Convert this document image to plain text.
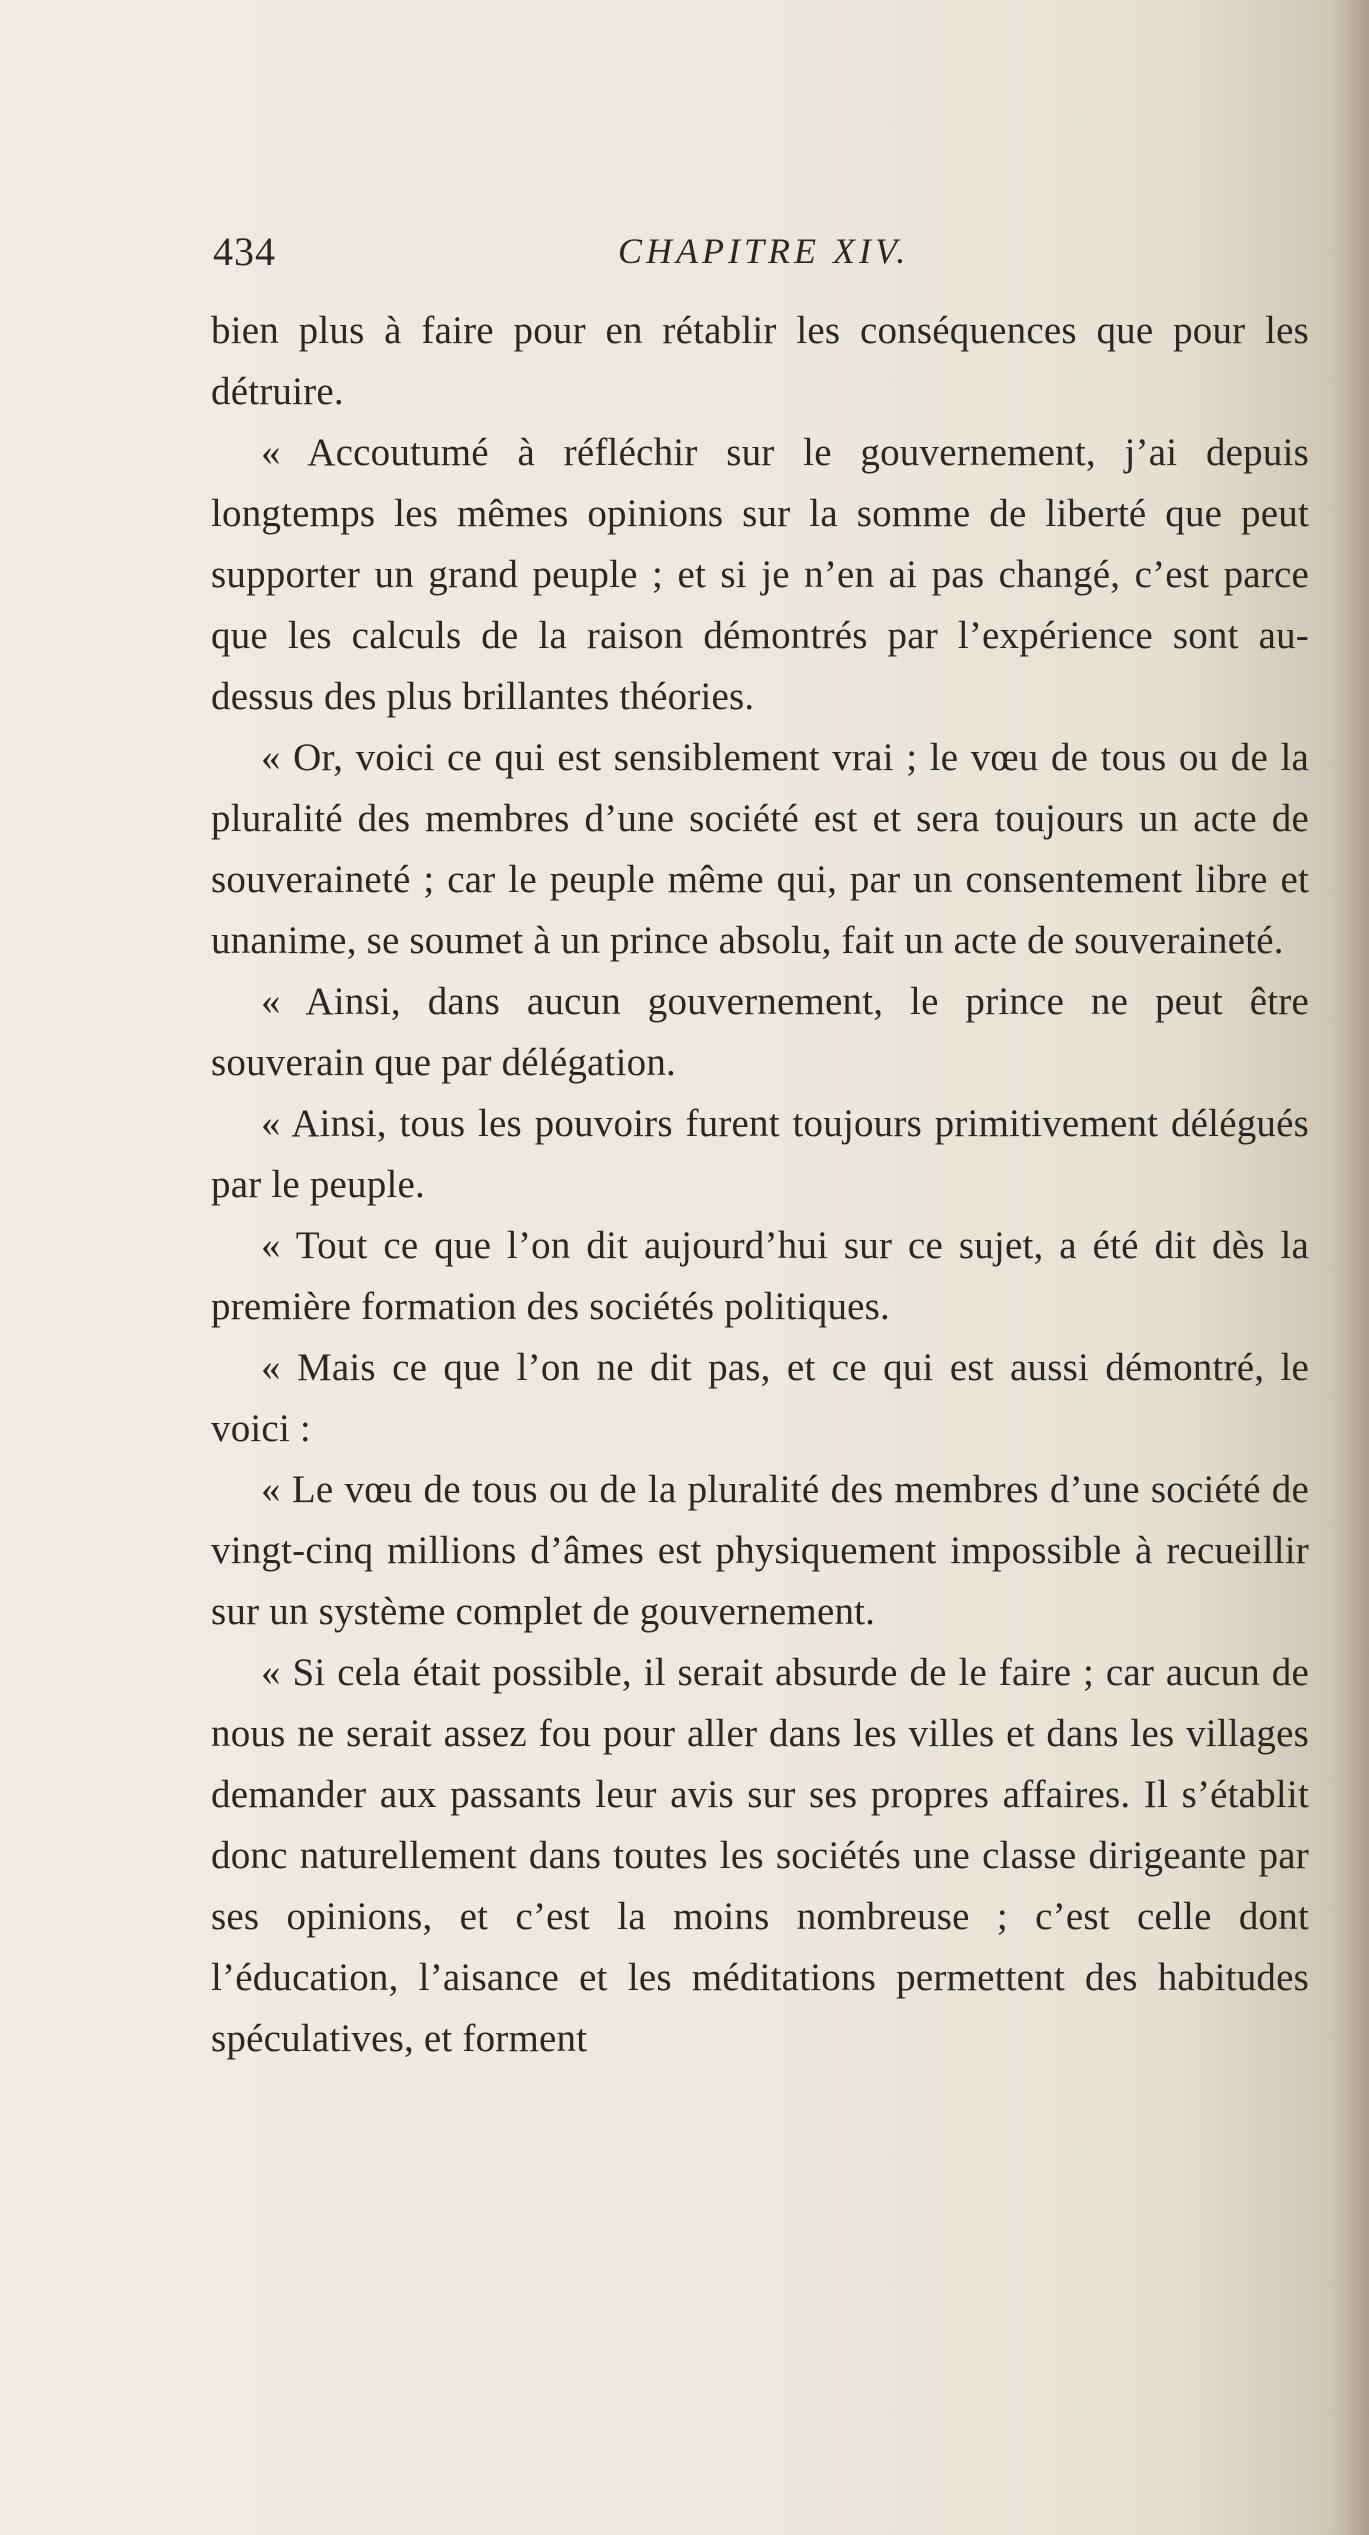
434	CHAPITRE XIV.

bien plus à faire pour en rétablir les conséquences que pour les détruire.

« Accoutumé à réfléchir sur le gouvernement, j’ai depuis longtemps les mêmes opinions sur la somme de liberté que peut supporter un grand peuple ; et si je n’en ai pas changé, c’est parce que les calculs de la raison démontrés par l’expérience sont au-dessus des plus brillantes théories.

« Or, voici ce qui est sensiblement vrai ; le vœu de tous ou de la pluralité des membres d’une société est et sera toujours un acte de souveraineté ; car le peuple même qui, par un consentement libre et unanime, se soumet à un prince absolu, fait un acte de souveraineté.

« Ainsi, dans aucun gouvernement, le prince ne peut être souverain que par délégation.

« Ainsi, tous les pouvoirs furent toujours primitivement délégués par le peuple.

« Tout ce que l’on dit aujourd’hui sur ce sujet, a été dit dès la première formation des sociétés politiques.

« Mais ce que l’on ne dit pas, et ce qui est aussi démontré, le voici :

« Le vœu de tous ou de la pluralité des membres d’une société de vingt-cinq millions d’âmes est physiquement impossible à recueillir sur un système complet de gouvernement.

« Si cela était possible, il serait absurde de le faire ; car aucun de nous ne serait assez fou pour aller dans les villes et dans les villages demander aux passants leur avis sur ses propres affaires. Il s’établit donc naturellement dans toutes les sociétés une classe dirigeante par ses opinions, et c’est la moins nombreuse ; c’est celle dont l’éducation, l’aisance et les méditations permettent des habitudes spéculatives, et forment
